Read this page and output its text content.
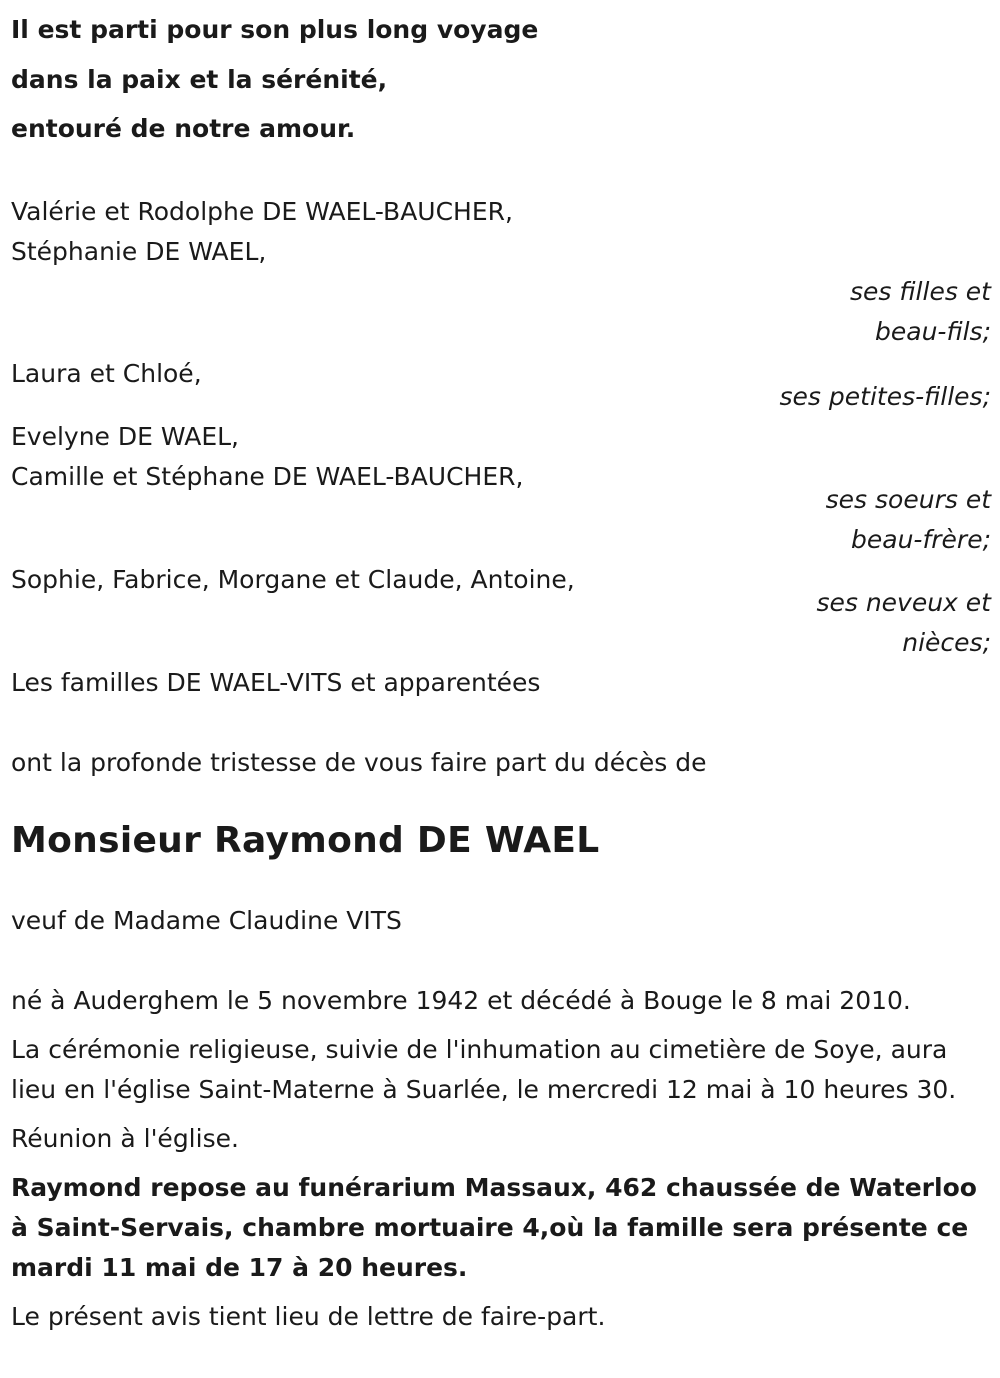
Il est parti pour son plus long voyage

dans la paix et la sérénité,

entouré de notre amour.

Valérie et Rodolphe DE WAEL-BAUCHER,
Stéphanie DE WAEL,
ses filles et
beau-fils;
Laura et Chloé,
ses petites-filles;
Evelyne DE WAEL,
Camille et Stéphane DE WAEL-BAUCHER,
ses soeurs et
beau-frère;
Sophie, Fabrice, Morgane et Claude, Antoine,
ses neveux et
nièces;
Les familles DE WAEL-VITS et apparentées

ont la profonde tristesse de vous faire part du décès de

Monsieur Raymond DE WAEL

veuf de Madame Claudine VITS

né à Auderghem le 5 novembre 1942 et décédé à Bouge le 8 mai 2010.

La cérémonie religieuse, suivie de l'inhumation au cimetière de Soye, aura lieu en l'église Saint-Materne à Suarlée, le mercredi 12 mai à 10 heures 30.

Réunion à l'église.

Raymond repose au funérarium Massaux, 462 chaussée de Waterloo à Saint-Servais, chambre mortuaire 4,où la famille sera présente ce mardi 11 mai de 17 à 20 heures.

Le présent avis tient lieu de lettre de faire-part.
